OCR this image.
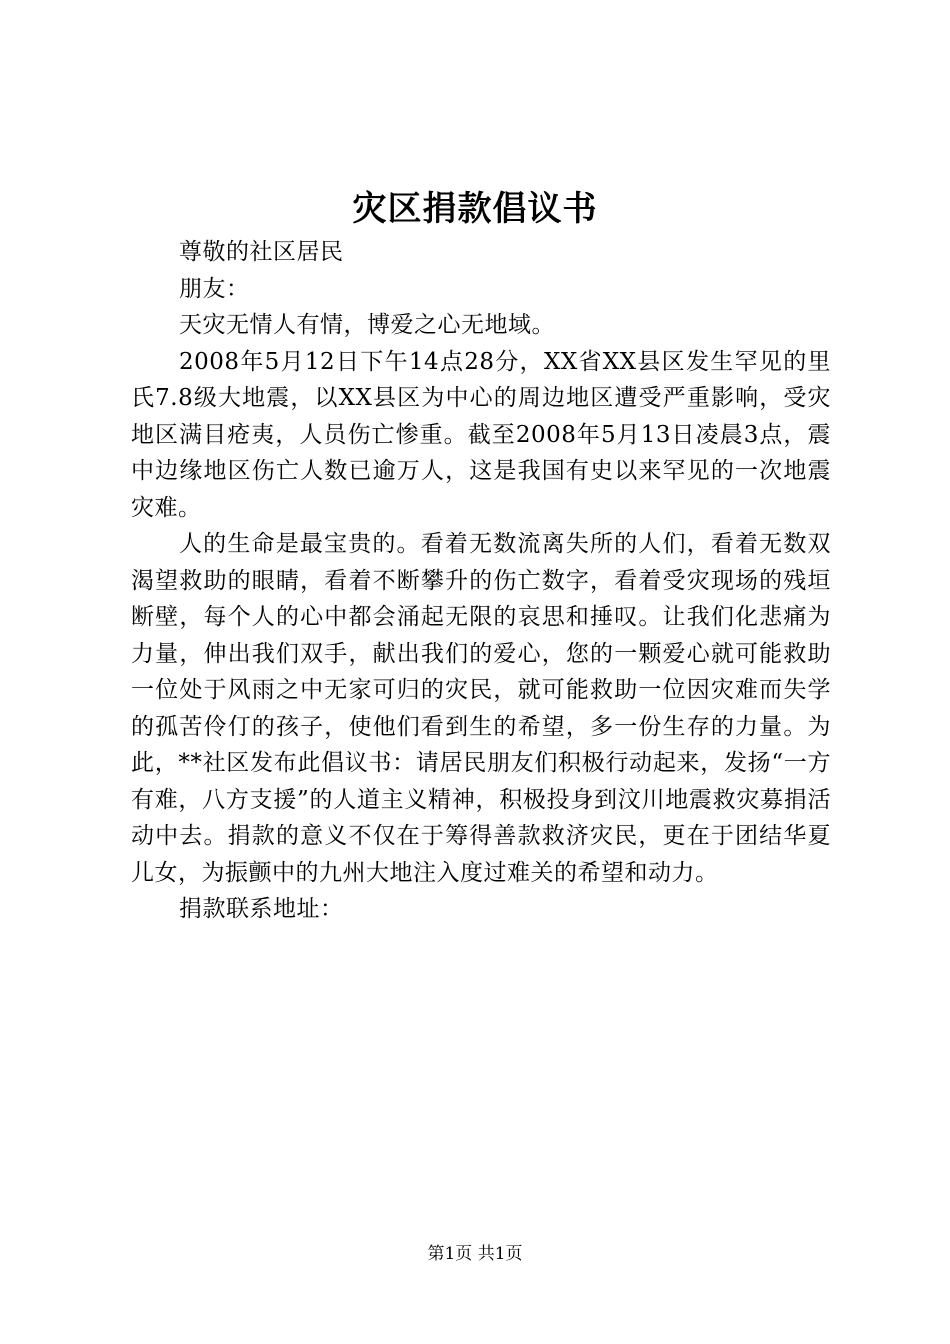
灾区捐款倡议书

尊敬的社区居民

朋友：

天灾无情人有情，博爱之心无地域。

2008年5月12日下午14点28分，XX省XX县区发生罕见的里氏7.8级大地震，以XX县区为中心的周边地区遭受严重影响，受灾地区满目疮夷，人员伤亡惨重。截至2008年5月13日凌晨3点，震中边缘地区伤亡人数已逾万人，这是我国有史以来罕见的一次地震灾难。

人的生命是最宝贵的。看着无数流离失所的人们，看着无数双渴望救助的眼睛，看着不断攀升的伤亡数字，看着受灾现场的残垣断壁，每个人的心中都会涌起无限的哀思和捶叹。让我们化悲痛为力量，伸出我们双手，献出我们的爱心，您的一颗爱心就可能救助一位处于风雨之中无家可归的灾民，就可能救助一位因灾难而失学的孤苦伶仃的孩子，使他们看到生的希望，多一份生存的力量。为此，**社区发布此倡议书：请居民朋友们积极行动起来，发扬“一方有难，八方支援”的人道主义精神，积极投身到汶川地震救灾募捐活动中去。捐款的意义不仅在于筹得善款救济灾民，更在于团结华夏儿女，为振颤中的九州大地注入度过难关的希望和动力。

捐款联系地址：

第1页 共1页
